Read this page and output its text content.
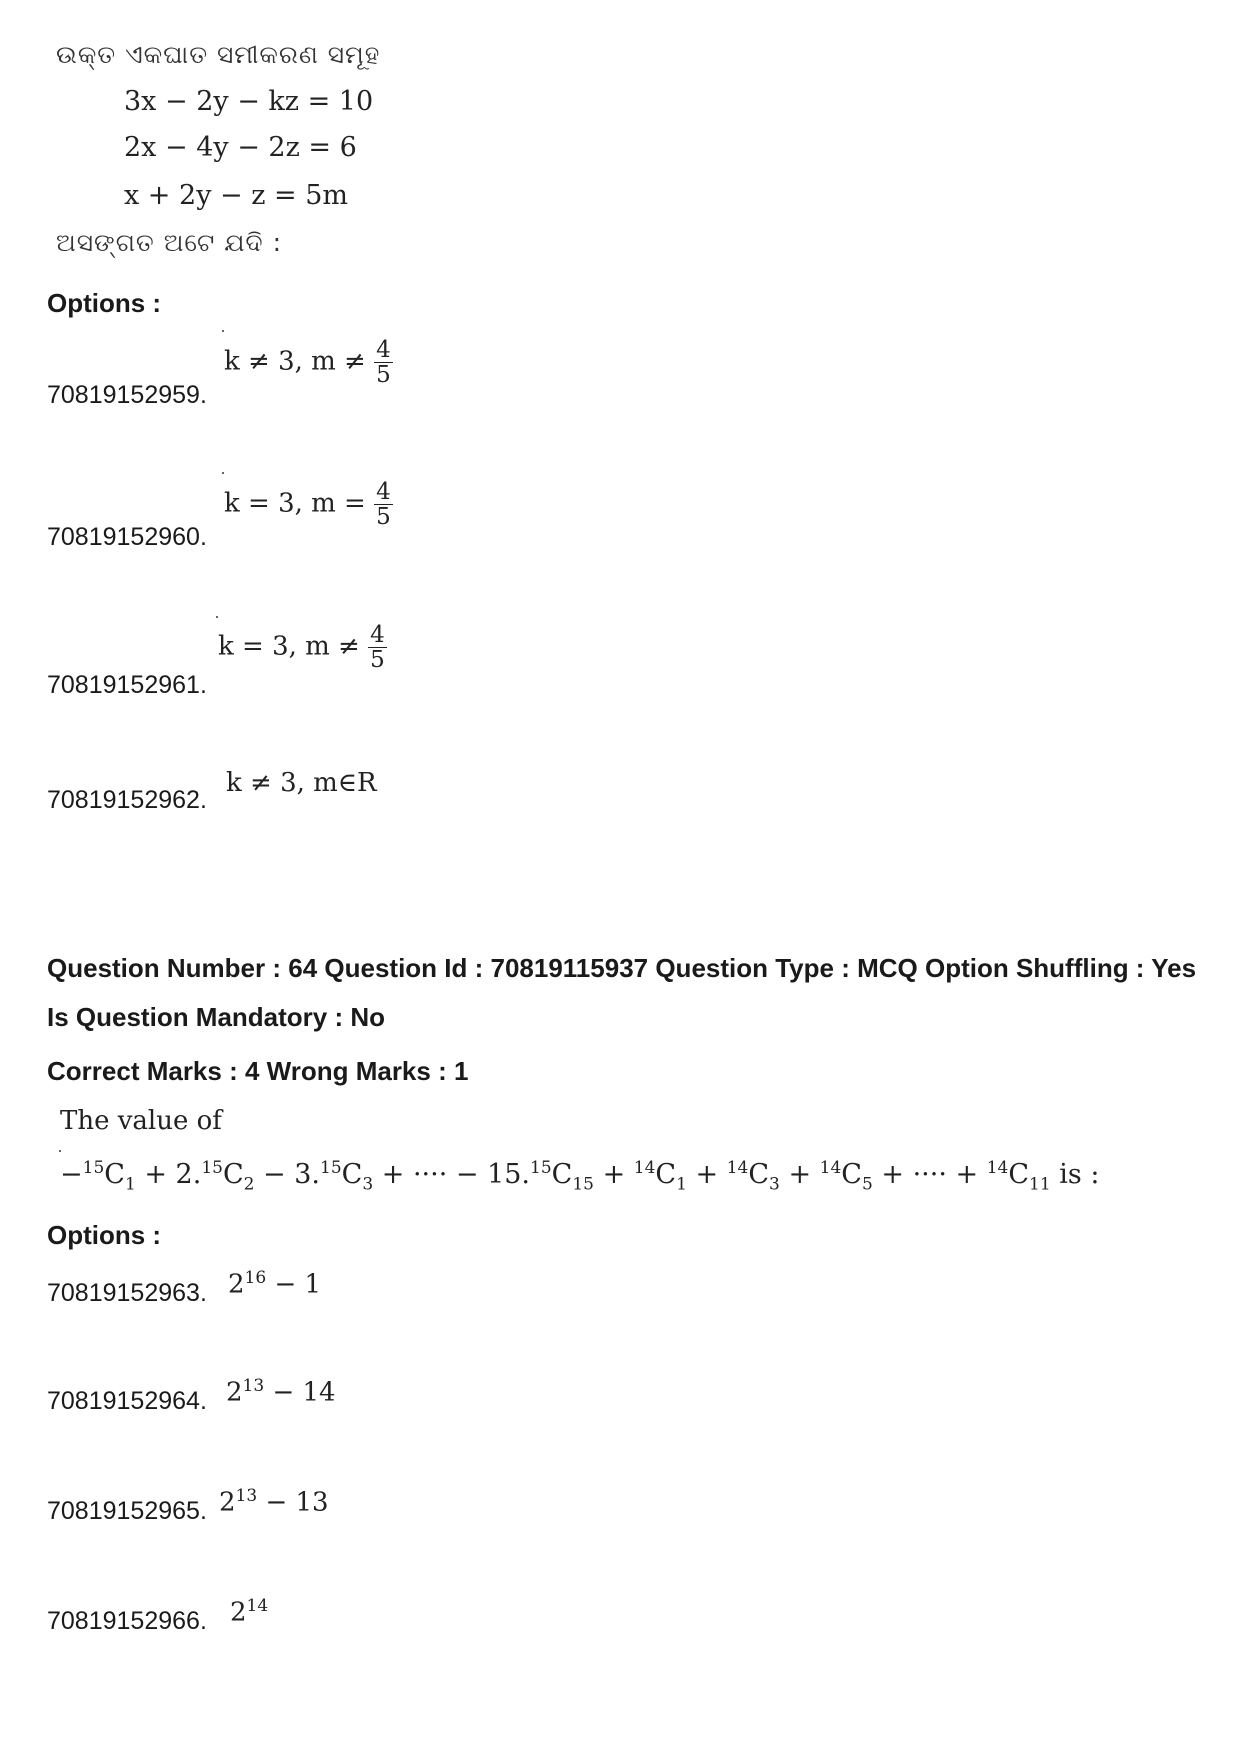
ଉକ୍ତ ଏକଘାତ ସମୀକରଣ ସମୂହ
3x − 2y − kz = 10
2x − 4y − 2z = 6
x + 2y − z = 5m
ଅସଙ୍ଗତ ଅଟେ ଯଦି :
Options :
k ≠ 3, $m \ne \frac{4}{5}$
70819152959.
k = 3, $m = \frac{4}{5}$
70819152960.
k = 3, $m \ne \frac{4}{5}$
70819152961.
k ≠ 3, m∈R
70819152962.
Question Number : 64 Question Id : 70819115937 Question Type : MCQ Option Shuffling : Yes
Is Question Mandatory : No
Correct Marks : 4 Wrong Marks : 1
The value of
$-^{15}C_1 + 2.15C_2 - 3.15C_3$ + ···· − $15.15C_{15} + ^{14}C_1 + ^{14}C_3 + ^{14}C_5$ + ···· + $^{14}C_{11}$ is :
Options :
70819152963. $2^{16} - 1$
70819152964. $2^{13} - 14$
70819152965. $2^{13} - 13$
70819152966. $2^{14}$
